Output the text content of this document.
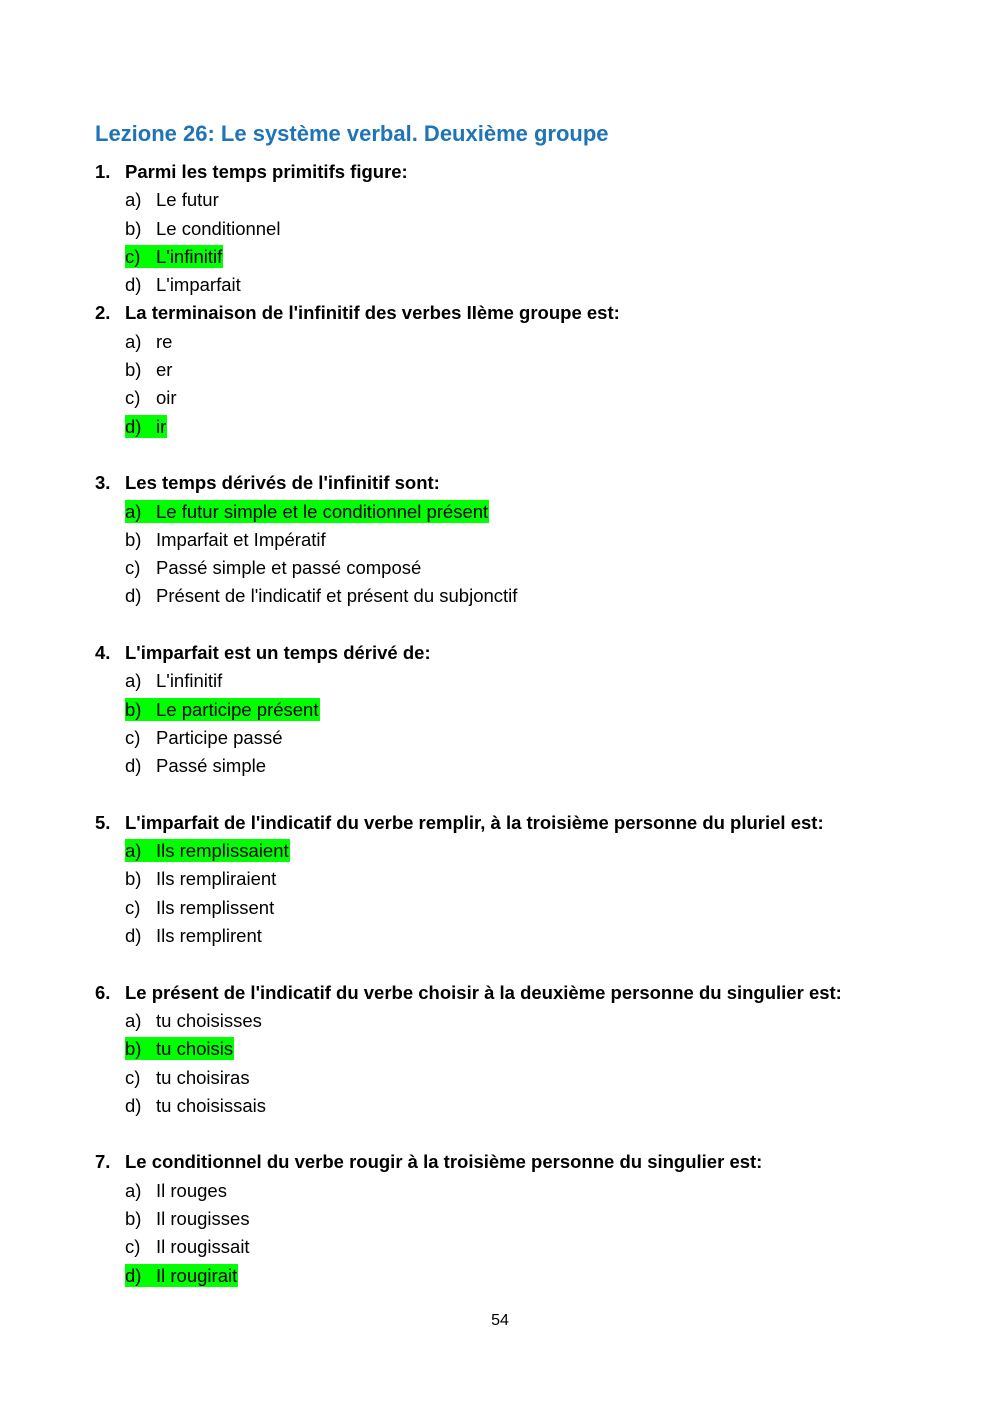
Lezione 26: Le système verbal. Deuxième groupe
1. Parmi les temps primitifs figure:
a) Le futur
b) Le conditionnel
c) L'infinitif
d) L'imparfait
2. La terminaison de l'infinitif des verbes IIème groupe est:
a) re
b) er
c) oir
d) ir
3. Les temps dérivés de l'infinitif sont:
a) Le futur simple et le conditionnel présent
b) Imparfait et Impératif
c) Passé simple et passé composé
d) Présent de l'indicatif et présent du subjonctif
4. L'imparfait est un temps dérivé de:
a) L'infinitif
b) Le participe présent
c) Participe passé
d) Passé simple
5. L'imparfait de l'indicatif du verbe remplir, à la troisième personne du pluriel est:
a) Ils remplissaient
b) Ils rempliraient
c) Ils remplissent
d) Ils remplirent
6. Le présent de l'indicatif du verbe choisir à la deuxième personne du singulier est:
a) tu choisisses
b) tu choisis
c) tu choisiras
d) tu choisissais
7. Le conditionnel du verbe rougir à la troisième personne du singulier est:
a) Il rouges
b) Il rougisses
c) Il rougissait
d) Il rougirait
54
